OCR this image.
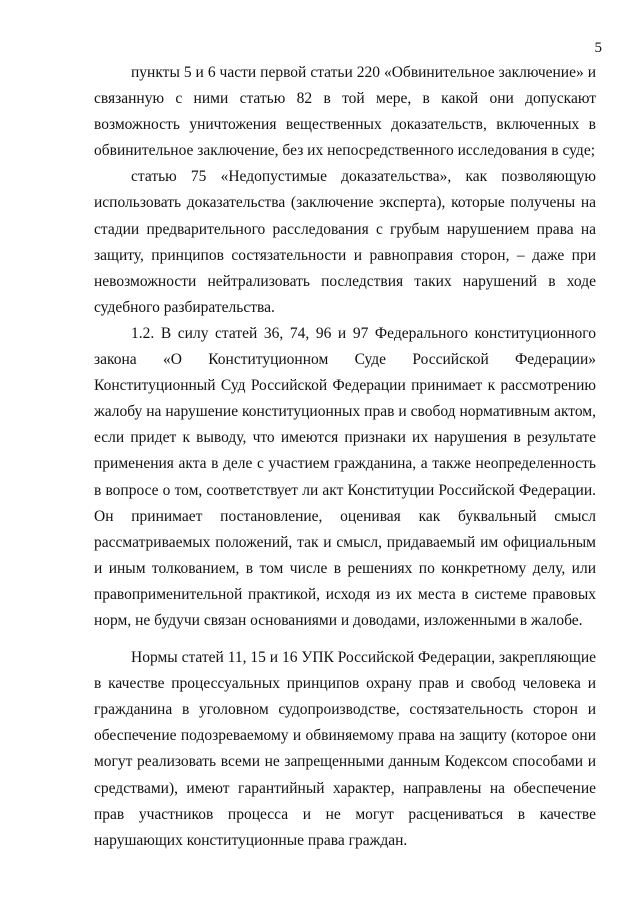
5

пункты 5 и 6 части первой статьи 220 «Обвинительное заключение» и связанную с ними статью 82 в той мере, в какой они допускают возможность уничтожения вещественных доказательств, включенных в обвинительное заключение, без их непосредственного исследования в суде;

статью 75 «Недопустимые доказательства», как позволяющую использовать доказательства (заключение эксперта), которые получены на стадии предварительного расследования с грубым нарушением права на защиту, принципов состязательности и равноправия сторон, – даже при невозможности нейтрализовать последствия таких нарушений в ходе судебного разбирательства.

1.2. В силу статей 36, 74, 96 и 97 Федерального конституционного закона «О Конституционном Суде Российской Федерации» Конституционный Суд Российской Федерации принимает к рассмотрению жалобу на нарушение конституционных прав и свобод нормативным актом, если придет к выводу, что имеются признаки их нарушения в результате применения акта в деле с участием гражданина, а также неопределенность в вопросе о том, соответствует ли акт Конституции Российской Федерации. Он принимает постановление, оценивая как буквальный смысл рассматриваемых положений, так и смысл, придаваемый им официальным и иным толкованием, в том числе в решениях по конкретному делу, или правоприменительной практикой, исходя из их места в системе правовых норм, не будучи связан основаниями и доводами, изложенными в жалобе.

Нормы статей 11, 15 и 16 УПК Российской Федерации, закрепляющие в качестве процессуальных принципов охрану прав и свобод человека и гражданина в уголовном судопроизводстве, состязательность сторон и обеспечение подозреваемому и обвиняемому права на защиту (которое они могут реализовать всеми не запрещенными данным Кодексом способами и средствами), имеют гарантийный характер, направлены на обеспечение прав участников процесса и не могут расцениваться в качестве нарушающих конституционные права граждан.
